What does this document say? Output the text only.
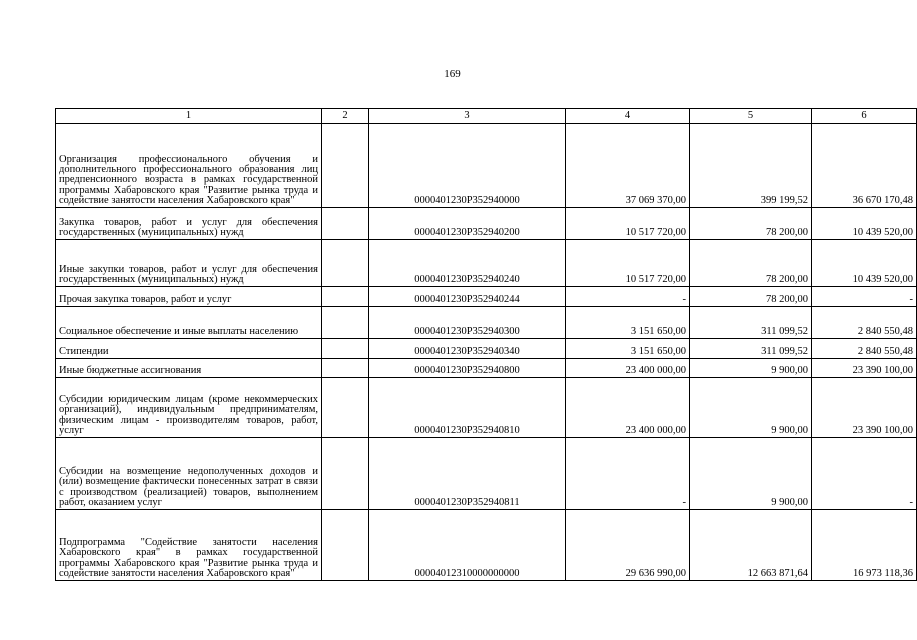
169
1	2	3	4	5	6
Организация профессионального обучения и дополнительного профессионального образования лиц предпенсионного возраста в рамках государственной программы Хабаровского края "Развитие рынка труда и содействие занятости населения Хабаровского края"		0000401230P352940000	37 069 370,00	399 199,52	36 670 170,48
Закупка товаров, работ и услуг для обеспечения государственных (муниципальных) нужд		0000401230P352940200	10 517 720,00	78 200,00	10 439 520,00
Иные закупки товаров, работ и услуг для обеспечения государственных (муниципальных) нужд		0000401230P352940240	10 517 720,00	78 200,00	10 439 520,00
Прочая закупка товаров, работ и услуг		0000401230P352940244	-	78 200,00	-
Социальное обеспечение и иные выплаты населению		0000401230P352940300	3 151 650,00	311 099,52	2 840 550,48
Стипендии		0000401230P352940340	3 151 650,00	311 099,52	2 840 550,48
Иные бюджетные ассигнования		0000401230P352940800	23 400 000,00	9 900,00	23 390 100,00
Субсидии юридическим лицам (кроме некоммерческих организаций), индивидуальным предпринимателям, физическим лицам - производителям товаров, работ, услуг		0000401230P352940810	23 400 000,00	9 900,00	23 390 100,00
Субсидии на возмещение недополученных доходов и (или) возмещение фактически понесенных затрат в связи с производством (реализацией) товаров, выполнением работ, оказанием услуг		0000401230P352940811	-	9 900,00	-
Подпрограмма "Содействие занятости населения Хабаровского края" в рамках государственной программы Хабаровского края "Развитие рынка труда и содействие занятости населения Хабаровского края"		00004012310000000000	29 636 990,00	12 663 871,64	16 973 118,36
